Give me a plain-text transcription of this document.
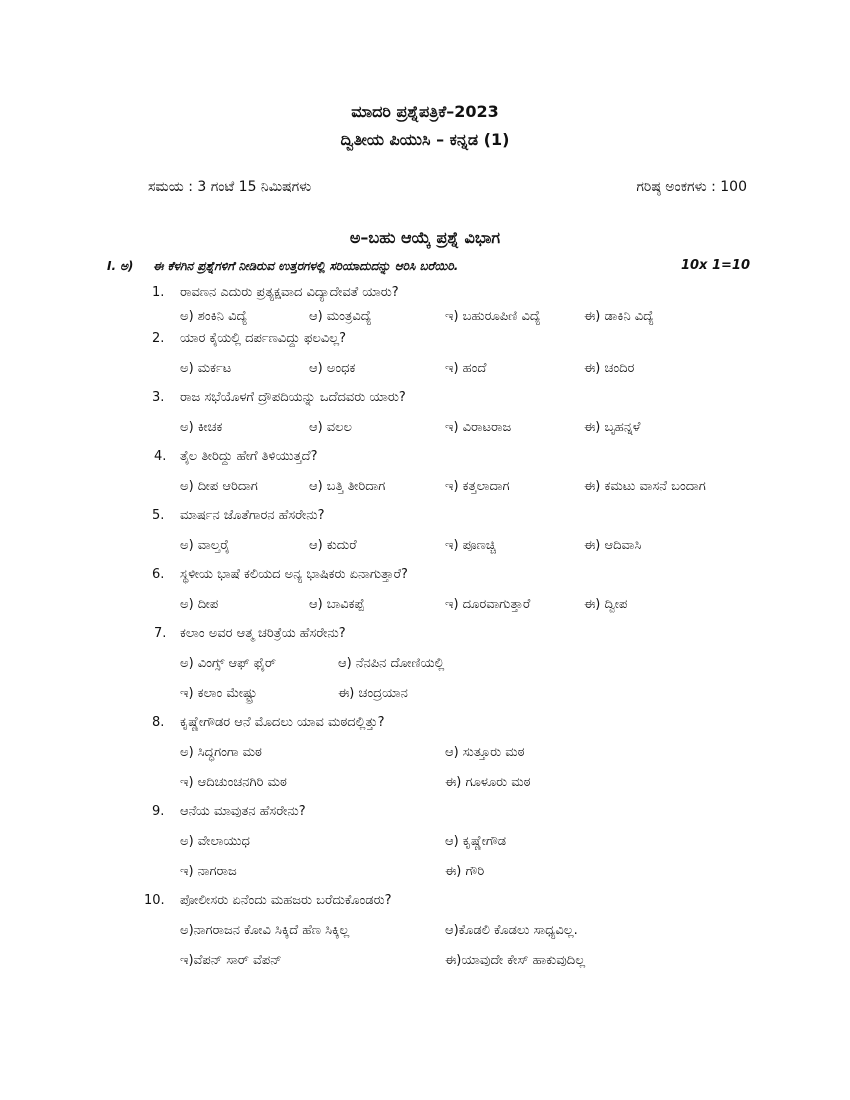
ಮಾದರಿ ಪ್ರಶ್ನೆಪತ್ರಿಕೆ–2023
ದ್ವಿತೀಯ ಪಿಯುಸಿ – ಕನ್ನಡ (1)
ಸಮಯ : 3 ಗಂಟೆ 15 ನಿಮಿಷಗಳು	ಗರಿಷ್ಠ ಅಂಕಗಳು : 100
ಅ–ಬಹು ಆಯ್ಕೆ ಪ್ರಶ್ನೆ ವಿಭಾಗ
I. ಅ) ಈ ಕೆಳಗಿನ ಪ್ರಶ್ನೆಗಳಿಗೆ ನೀಡಿರುವ ಉತ್ತರಗಳಲ್ಲಿ ಸರಿಯಾದುದನ್ನು ಆರಿಸಿ ಬರೆಯಿರಿ.	10x 1=10
1. ರಾವಣನ ಎದುರು ಪ್ರತ್ಯಕ್ಷವಾದ ವಿದ್ಯಾದೇವತೆ ಯಾರು?
ಅ) ಶಂಕಿನಿ ವಿದ್ಯೆ	ಆ) ಮಂತ್ರವಿದ್ಯೆ	ಇ) ಬಹುರೂಪಿಣಿ ವಿದ್ಯೆ	ಈ) ಡಾಕಿನಿ ವಿದ್ಯೆ
2. ಯಾರ ಕೈಯಲ್ಲಿ ದರ್ಪಣವಿದ್ದು ಫಲವಿಲ್ಲ?
ಅ) ಮರ್ಕಟ	ಆ) ಅಂಧಕ	ಇ) ಹಂದೆ	ಈ) ಚಂದಿರ
3. ರಾಜ ಸಭೆಯೊಳಗೆ ದ್ರೌಪದಿಯನ್ನು ಒದೆದವರು ಯಾರು?
ಅ) ಕೀಚಕ	ಆ) ವಲಲ	ಇ) ವಿರಾಟರಾಜ	ಈ) ಬೃಹನ್ನಳೆ
4. ತೈಲ ತೀರಿದ್ದು ಹೇಗೆ ತಿಳಿಯುತ್ತದೆ?
ಅ) ದೀಪ ಆರಿದಾಗ	ಆ) ಬತ್ತಿ ತೀರಿದಾಗ	ಇ) ಕತ್ತಲಾದಾಗ	ಈ) ಕಮಟು ವಾಸನೆ ಬಂದಾಗ
5. ಮಾರ್ಷನ ಜೊತೆಗಾರನ ಹೆಸರೇನು?
ಅ) ವಾಲ್ತರೈ	ಆ) ಕುದುರೆ	ಇ) ಪೂಣಚ್ಚಿ	ಈ) ಆದಿವಾಸಿ
6. ಸ್ಥಳೀಯ ಭಾಷೆ ಕಲಿಯದ ಅನ್ಯ ಭಾಷಿಕರು ಏನಾಗುತ್ತಾರೆ?
ಅ) ದೀಪ	ಆ) ಬಾವಿಕಪ್ಪೆ	ಇ) ದೂರವಾಗುತ್ತಾರೆ	ಈ) ದ್ವೀಪ
7. ಕಲಾಂ ಅವರ ಆತ್ಮ ಚರಿತ್ರೆಯ ಹೆಸರೇನು?
ಅ) ವಿಂಗ್ಸ್ ಆಫ್ ಫೈರ್	ಆ) ನೆನಪಿನ ದೋಣಿಯಲ್ಲಿ
ಇ) ಕಲಾಂ ಮೇಷ್ಟ್ರು	ಈ) ಚಂದ್ರಯಾನ
8. ಕೃಷ್ಣೇಗೌಡರ ಆನೆ ಮೊದಲು ಯಾವ ಮಠದಲ್ಲಿತ್ತು?
ಅ) ಸಿದ್ಧಗಂಗಾ ಮಠ	ಆ) ಸುತ್ತೂರು ಮಠ
ಇ) ಆದಿಚುಂಚನಗಿರಿ ಮಠ	ಈ) ಗೂಳೂರು ಮಠ
9. ಆನೆಯ ಮಾವುತನ ಹೆಸರೇನು?
ಅ) ವೇಲಾಯುಧ	ಆ) ಕೃಷ್ಣೇಗೌಡ
ಇ) ನಾಗರಾಜ	ಈ) ಗೌರಿ
10. ಪೋಲೀಸರು ಏನೆಂದು ಮಹಜರು ಬರೆದುಕೊಂಡರು?
ಅ)ನಾಗರಾಜನ ಕೋವಿ ಸಿಕ್ಕಿದೆ ಹೆಣ ಸಿಕ್ಕಿಲ್ಲ	ಆ)ಕೊಡಲಿ ಕೊಡಲು ಸಾಧ್ಯವಿಲ್ಲ.
ಇ)ವೆಪನ್ ಸಾರ್ ವೆಪನ್	ಈ)ಯಾವುದೇ ಕೇಸ್ ಹಾಕುವುದಿಲ್ಲ
